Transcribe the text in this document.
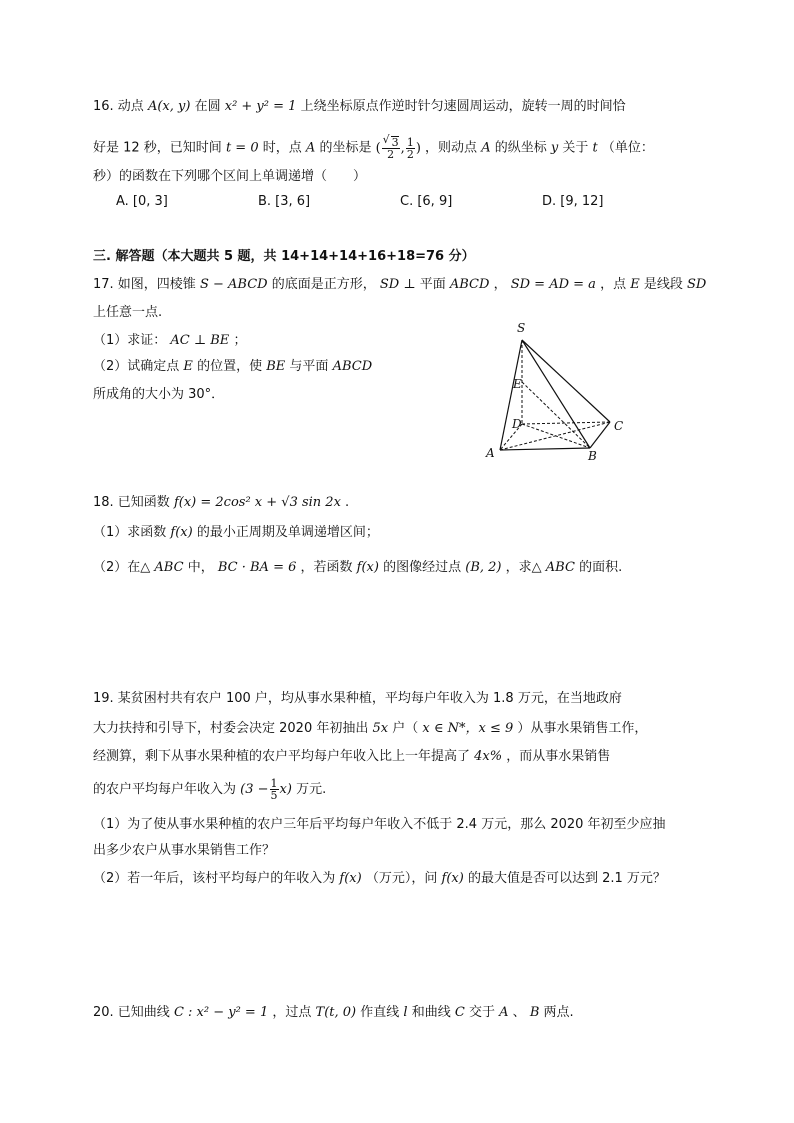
16. 动点 A(x, y) 在圆 x² + y² = 1 上绕坐标原点作逆时针匀速圆周运动，旋转一周的时间恰
好是 12 秒，已知时间 t = 0 时，点 A 的坐标是 (
√ $\frac{3}{2}$ , $\frac{1}{2}$ ) ，则动点 A 的纵坐标 y 关于 t （单位：
秒）的函数在下列哪个区间上单调递增（　　）
A. [0, 3]	B. [3, 6]	C. [6, 9]	D. [9, 12]
三. 解答题（本大题共 5 题，共 14+14+14+16+18=76 分）
17. 如图，四棱锥 S − ABCD 的底面是正方形， SD ⊥ 平面 ABCD ， SD = AD = a ，点 E 是线段 SD
上任意一点.
（1）求证： AC ⊥ BE ；
（2）试确定点 E 的位置，使 BE 与平面 ABCD
所成角的大小为 30°．
S
E
D	C
A	B
18. 已知函数 f(x) = 2cos² x + √3 sin 2x .
（1）求函数 f(x) 的最小正周期及单调递增区间；
（2）在△ ABC 中， BC · BA = 6 ，若函数 f(x) 的图像经过点 (B, 2) ，求△ ABC 的面积.
19. 某贫困村共有农户 100 户，均从事水果种植，平均每户年收入为 1.8 万元，在当地政府
大力扶持和引导下，村委会决定 2020 年初抽出 5x 户（ x ∈ N*，x ≤ 9 ）从事水果销售工作，
经测算，剩下从事水果种植的农户平均每户年收入比上一年提高了 4x% ，而从事水果销售
的农户平均每户年收入为 $(3 - \frac{1}{5} x)$ 万元.
（1）为了使从事水果种植的农户三年后平均每户年收入不低于 2.4 万元，那么 2020 年初至少应抽
出多少农户从事水果销售工作？
（2）若一年后，该村平均每户的年收入为 f(x) （万元），问 f(x) 的最大值是否可以达到 2.1 万元？
20. 已知曲线 C : x² − y² = 1 ，过点 T(t, 0) 作直线 l 和曲线 C 交于 A 、 B 两点.
